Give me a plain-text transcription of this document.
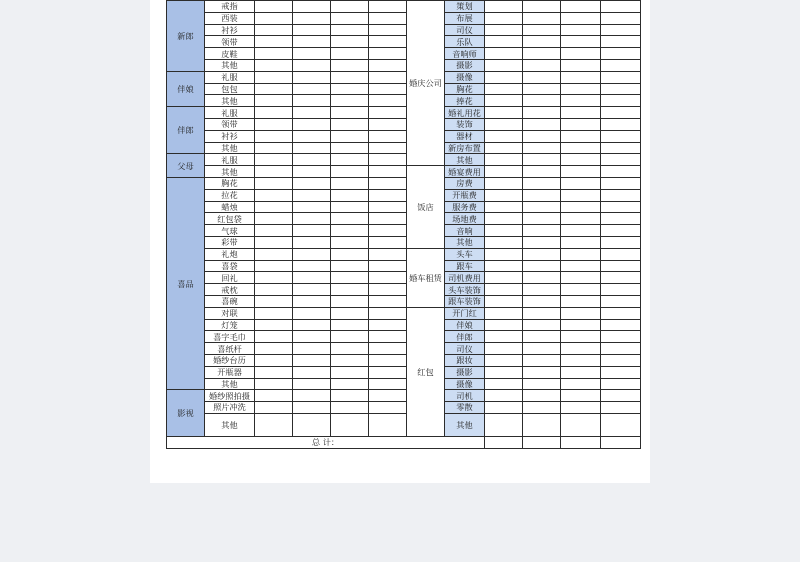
新郎	戒指					婚庆公司	策划				
	西装						布展				
	衬衫						司仪				
	领带						乐队				
	皮鞋						音响师				
	其他						摄影				
伴娘	礼服						摄像				
	包包						胸花				
	其他						捧花				
伴郎	礼服						婚礼用花				
	领带						装饰				
	衬衫						器材				
	其他						新房布置				
父母	礼服						其他				
	其他					饭店	婚宴费用				
喜品	胸花						房费				
	拉花						开瓶费				
	蜡烛						服务费				
	红包袋						场地费				
	气球						音响				
	彩带						其他				
	礼炮					婚车租赁	头车				
	喜袋						跟车				
	回礼						司机费用				
	戒枕						头车装饰				
	喜碗						跟车装饰				
	对联					红包	开门红				
	灯笼						伴娘				
	喜字毛巾						伴郎				
	喜纸杆						司仪				
	婚纱台历						跟妆				
	开瓶器						摄影				
	其他						摄像				
影视	婚纱照拍摄						司机				
	照片冲洗						零散				
	其他						其他				
总 计：											
